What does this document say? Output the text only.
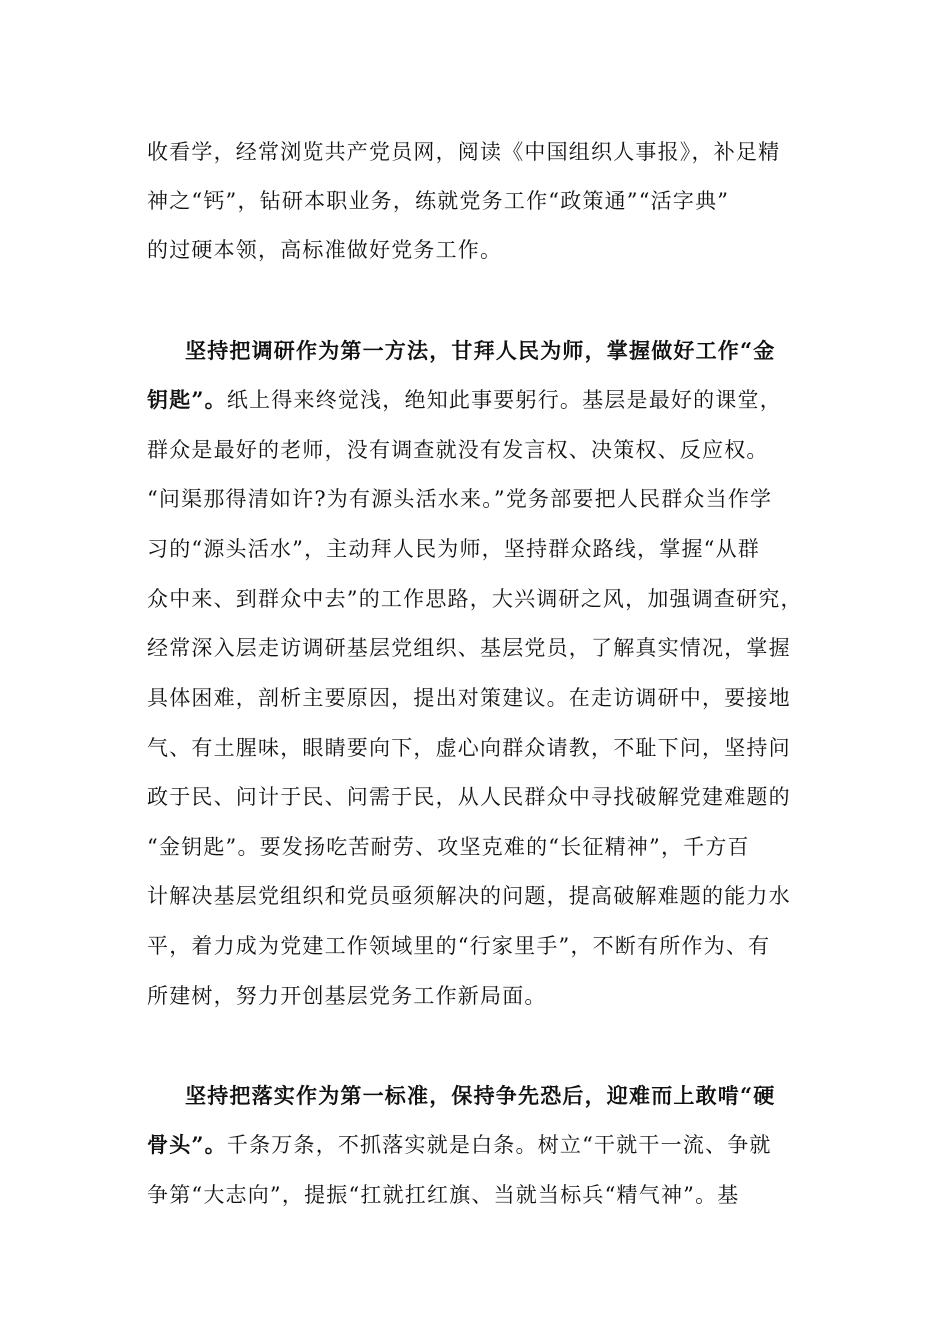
收看学，经常浏览共产党员网，阅读《中国组织人事报》，补足精
神之“钙”，钻研本职业务，练就党务工作“政策通”“活字典”
的过硬本领，高标准做好党务工作。
坚持把调研作为第一方法，甘拜人民为师，掌握做好工作“金
钥匙”。纸上得来终觉浅，绝知此事要躬行。基层是最好的课堂，
群众是最好的老师，没有调查就没有发言权、决策权、反应权。
“问渠那得清如许?为有源头活水来。”党务部要把人民群众当作学
习的“源头活水”，主动拜人民为师，坚持群众路线，掌握“从群
众中来、到群众中去”的工作思路，大兴调研之风，加强调查研究，
经常深入层走访调研基层党组织、基层党员，了解真实情况，掌握
具体困难，剖析主要原因，提出对策建议。在走访调研中，要接地
气、有土腥味，眼睛要向下，虚心向群众请教，不耻下问，坚持问
政于民、问计于民、问需于民，从人民群众中寻找破解党建难题的
“金钥匙”。要发扬吃苦耐劳、攻坚克难的“长征精神”，千方百
计解决基层党组织和党员亟须解决的问题，提高破解难题的能力水
平，着力成为党建工作领域里的“行家里手”，不断有所作为、有
所建树，努力开创基层党务工作新局面。
坚持把落实作为第一标准，保持争先恐后，迎难而上敢啃“硬
骨头”。千条万条，不抓落实就是白条。树立“干就干一流、争就
争第“大志向”，提振“扛就扛红旗、当就当标兵“精气神”。基
